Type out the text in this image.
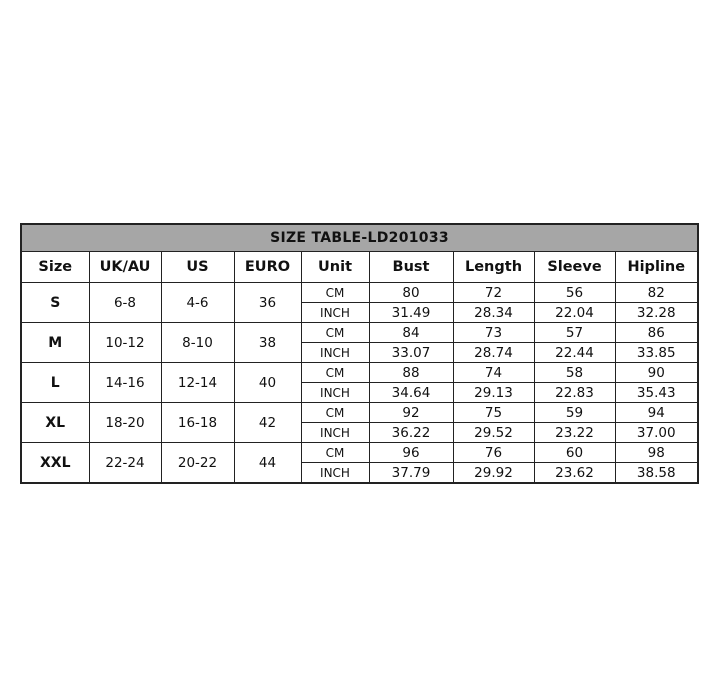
SIZE TABLE-LD201033								
Size	UK/AU	US	EURO	Unit	Bust	Length	Sleeve	Hipline
S	6-8	4-6	36	CM	80	72	56	82
				INCH	31.49	28.34	22.04	32.28
M	10-12	8-10	38	CM	84	73	57	86
				INCH	33.07	28.74	22.44	33.85
L	14-16	12-14	40	CM	88	74	58	90
				INCH	34.64	29.13	22.83	35.43
XL	18-20	16-18	42	CM	92	75	59	94
				INCH	36.22	29.52	23.22	37.00
XXL	22-24	20-22	44	CM	96	76	60	98
				INCH	37.79	29.92	23.62	38.58
